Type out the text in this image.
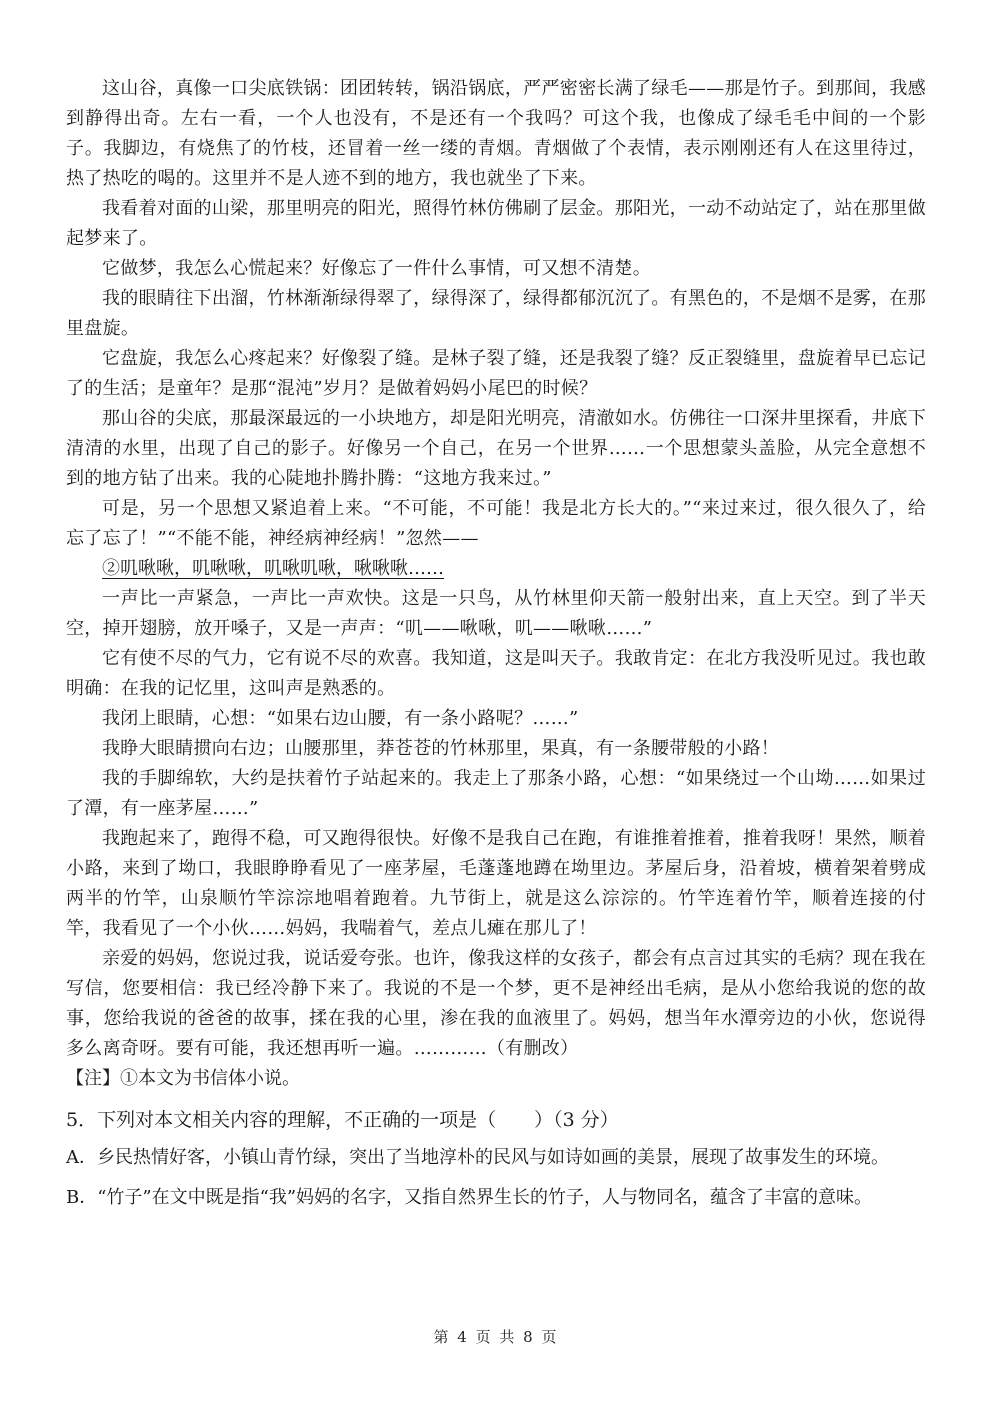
这山谷，真像一口尖底铁锅：团团转转，锅沿锅底，严严密密长满了绿毛——那是竹子。到那间，我感到静得出奇。左右一看，一个人也没有，不是还有一个我吗？可这个我，也像成了绿毛毛中间的一个影子。我脚边，有烧焦了的竹枝，还冒着一丝一缕的青烟。青烟做了个表情，表示刚刚还有人在这里待过，热了热吃的喝的。这里并不是人迹不到的地方，我也就坐了下来。

我看着对面的山梁，那里明亮的阳光，照得竹林仿佛刷了层金。那阳光，一动不动站定了，站在那里做起梦来了。

它做梦，我怎么心慌起来？好像忘了一件什么事情，可又想不清楚。

我的眼睛往下出溜，竹林渐渐绿得翠了，绿得深了，绿得都郁沉沉了。有黑色的，不是烟不是雾，在那里盘旋。

它盘旋，我怎么心疼起来？好像裂了缝。是林子裂了缝，还是我裂了缝？反正裂缝里，盘旋着早已忘记了的生活；是童年？是那“混沌”岁月？是做着妈妈小尾巴的时候？

那山谷的尖底，那最深最远的一小块地方，却是阳光明亮，清澈如水。仿佛往一口深井里探看，井底下清清的水里，出现了自己的影子。好像另一个自己，在另一个世界……一个思想蒙头盖脸，从完全意想不到的地方钻了出来。我的心陡地扑腾扑腾：“这地方我来过。”

可是，另一个思想又紧追着上来。“不可能，不可能！我是北方长大的。”“来过来过，很久很久了，给忘了忘了！”“不能不能，神经病神经病！”忽然——

②叽啾啾，叽啾啾，叽啾叽啾，啾啾啾……

一声比一声紧急，一声比一声欢快。这是一只鸟，从竹林里仰天箭一般射出来，直上天空。到了半天空，掉开翅膀，放开嗓子，又是一声声：“叽——啾啾，叽——啾啾……”

它有使不尽的气力，它有说不尽的欢喜。我知道，这是叫天子。我敢肯定：在北方我没听见过。我也敢明确：在我的记忆里，这叫声是熟悉的。

我闭上眼睛，心想：“如果右边山腰，有一条小路呢？……”

我睁大眼睛掼向右边；山腰那里，莽苍苍的竹林那里，果真，有一条腰带般的小路！

我的手脚绵软，大约是扶着竹子站起来的。我走上了那条小路，心想：“如果绕过一个山坳……如果过了潭，有一座茅屋……”

我跑起来了，跑得不稳，可又跑得很快。好像不是我自己在跑，有谁推着推着，推着我呀！果然，顺着小路，来到了坳口，我眼睁睁看见了一座茅屋，毛蓬蓬地蹲在坳里边。茅屋后身，沿着坡，横着架着劈成两半的竹竿，山泉顺竹竿淙淙地唱着跑着。九节街上，就是这么淙淙的。竹竿连着竹竿，顺着连接的付竿，我看见了一个小伙……妈妈，我喘着气，差点儿瘫在那儿了！

亲爱的妈妈，您说过我，说话爱夸张。也许，像我这样的女孩子，都会有点言过其实的毛病？现在我在写信，您要相信：我已经冷静下来了。我说的不是一个梦，更不是神经出毛病，是从小您给我说的您的故事，您给我说的爸爸的故事，揉在我的心里，渗在我的血液里了。妈妈，想当年水潭旁边的小伙，您说得多么离奇呀。要有可能，我还想再听一遍。…………（有删改）

【注】①本文为书信体小说。

5．下列对本文相关内容的理解，不正确的一项是（　　）（3 分）

A．乡民热情好客，小镇山青竹绿，突出了当地淳朴的民风与如诗如画的美景，展现了故事发生的环境。

B．“竹子”在文中既是指“我”妈妈的名字，又指自然界生长的竹子，人与物同名，蕴含了丰富的意味。

第 4 页 共 8 页
